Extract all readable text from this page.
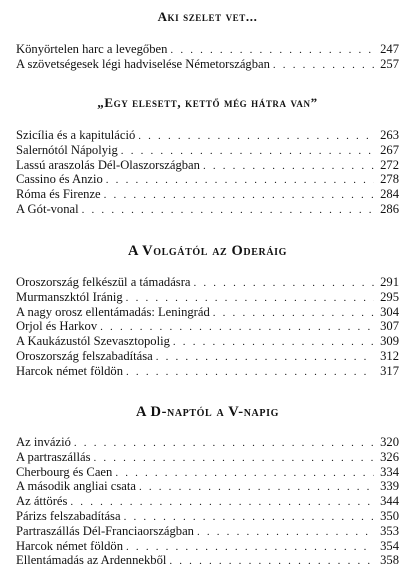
Aki szelet vet...
Könyörtelen harc a levegőben . . .	247
A szövetségesek légi hadviselése Németországban . . .	257
„Egy elesett, kettő még hátra van”
Szicília és a kapituláció . . .	263
Salernótól Nápolyig . . .	267
Lassú araszolás Dél-Olaszországban . . .	272
Cassino és Anzio . . .	278
Róma és Firenze . . .	284
A Gót-vonal . . .	286
A Volgától az Oderáig
Oroszország felkészül a támadásra . . .	291
Murmanszktól Iránig . . .	295
A nagy orosz ellentámadás: Leningrád . . .	304
Orjol és Harkov . . .	307
A Kaukázustól Szevasztopolig . . .	309
Oroszország felszabadítása . . .	312
Harcok német földön . . .	317
A D-naptól a V-napig
Az invázió . . .	320
A partraszállás . . .	326
Cherbourg és Caen . . .	334
A második angliai csata . . .	339
Az áttörés . . .	344
Párizs felszabadítása . . .	350
Partraszállás Dél-Franciaországban . . .	353
Harcok német földön . . .	354
Ellentámadás az Ardennekből . . .	358
